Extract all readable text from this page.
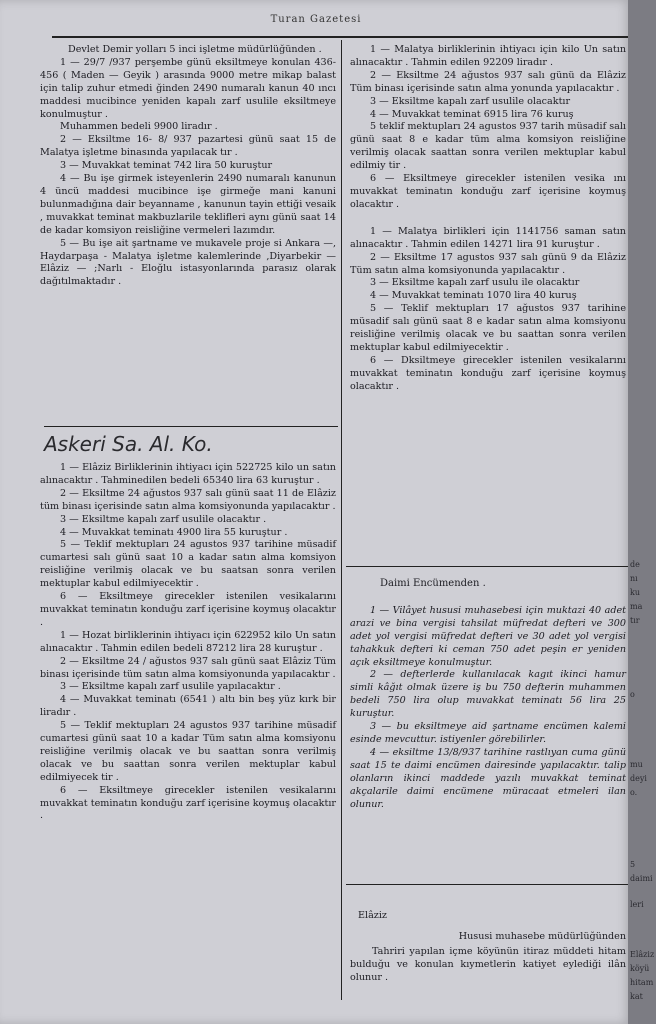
Turan Gazetesi

Devlet Demir yolları 5 inci işletme müdürlüğünden .

1 — 29/7 /937 perşembe günü eksiltmeye konulan 436- 456 ( Maden — Geyik ) arasında 9000 metre mikap balast için talip zuhur etmedi ğinden 2490 numaralı kanun 40 ıncı maddesi mucibince yeniden kapalı zarf usulile eksiltmeye konulmuştur .

Muhammen bedeli 9900 liradır .

2 — Eksiltme 16- 8/ 937 pazartesi günü saat 15 de Malatya işletme binasında yapılacak tır .

3 — Muvakkat teminat 742 lira 50 kuruştur

4 — Bu işe girmek isteyenlerin 2490 numaralı kanunun 4 üncü maddesi mucibince işe girmeğe mani kanuni bulunmadığına dair beyanname , kanunun tayin ettiği vesaik , muvakkat teminat makbuzlarile teklifleri aynı günü saat 14 de kadar komsiyon reisliğine vermeleri lazımdır.

5 — Bu işe ait şartname ve mukavele proje si Ankara —, Haydarpaşa - Malatya işletme kalemlerinde ,Diyarbekir —Elâziz — ;Narlı - Eloğlu istasyonlarında parasız olarak dağıtılmaktadır .

Askeri Sa. Al. Ko.

1 — Elâziz Birliklerinin ihtiyacı için 522725 kilo un satın alınacaktır . Tahminedilen bedeli 65340 lira 63 kuruştur .

2 — Eksiltme 24 ağustos 937 salı günü saat 11 de Elâziz tüm binası içerisinde satın alma komsiyonunda yapılacaktır .

3 — Eksiltme kapalı zarf usulile olacaktır .

4 — Muvakkat teminatı 4900 lira 55 kuruştur .

5 — Teklif mektupları 24 agustos 937 tarihine müsadif cumartesi salı günü saat 10 a kadar satın alma komsiyon reisliğine verilmiş olacak ve bu saatsan sonra verilen mektuplar kabul edilmiyecektir .

6 — Eksiltmeye girecekler istenilen vesikalarını muvakkat teminatın konduğu zarf içerisine koymuş olacaktır .

1 — Hozat birliklerinin ihtiyacı için 622952 kilo Un satın alınacaktır . Tahmin edilen bedeli 87212 lira 28 kuruştur .

2 — Eksiltme 24 / ağustos 937 salı günü saat Elâziz Tüm binası içerisinde tüm satın alma komsiyonunda yapılacaktır .

3 — Eksiltme kapalı zarf usulile yapılacaktır .

4 — Muvakkat teminatı (6541 ) altı bin beş yüz kırk bir liradır .

5 — Teklif mektupları 24 agustos 937 tarihine müsadif cumartesi günü saat 10 a kadar Tüm satın alma komsiyonu reisliğine verilmiş olacak ve bu saattan sonra verilmiş olacak ve bu saattan sonra verilen mektuplar kabul edilmiyecek tir .

6 — Eksiltmeye girecekler istenilen vesikalarını muvakkat teminatın konduğu zarf içerisine koymuş olacaktır .

1 — Malatya birliklerinin ihtiyacı için kilo Un satın alınacaktır . Tahmin edilen 92209 liradır .

2 — Eksiltme 24 ağustos 937 salı günü da Elâziz Tüm binası içerisinde satın alma yonunda yapılacaktır .

3 — Eksiltme kapalı zarf usulile olacaktır

4 — Muvakkat teminat 6915 lira 76 kuruş

5 teklif mektupları 24 agustos 937 tarih müsadif salı günü saat 8 e kadar tüm alma komsiyon reisliğine verilmiş olacak saattan sonra verilen mektuplar kabul edilmiy tir .

6 — Eksiltmeye girecekler istenilen vesika ını muvakkat teminatın konduğu zarf içerisine koymuş olacaktır .

1 — Malatya birlikleri için 1141756 saman satın alınacaktır . Tahmin edilen 14271 lira 91 kuruştur .

2 — Eksiltme 17 agustos 937 salı günü 9 da Elâziz Tüm satın alma komsiyonunda yapılacaktır .

3 — Eksiltme kapalı zarf usulu ile olacaktır

4 — Muvakkat teminatı 1070 lira 40 kuruş

5 — Teklif mektupları 17 ağustos 937 tarihine müsadif salı günü saat 8 e kadar satın alma komsiyonu reisliğine verilmiş olacak ve bu saattan sonra verilen mektuplar kabul edilmiyecektir .

6 — Dksiltmeye girecekler istenilen vesikalarını muvakkat teminatın konduğu zarf içerisine koymuş olacaktır .

Daimi Encümenden .

1 — Vilâyet hususi muhasebesi için muktazi 40 adet arazi ve bina vergisi tahsilat müfredat defteri ve 300 adet yol vergisi müfredat defteri ve 30 adet yol vergisi tahakkuk defteri ki ceman 750 adet peşin er yeniden açık eksiltmeye konulmuştur.

2 — defterlerde kullanılacak kagıt ikinci hamur simli kâğıt olmak üzere iş bu 750 defterin muhammen bedeli 750 lira olup muvakkat teminatı 56 lira 25 kuruştur.

3 — bu eksiltmeye aid şartname encümen kalemi esinde mevcuttur. istiyenler görebilirler.

4 — eksiltme 13/8/937 tarihine rastlıyan cuma günü saat 15 te daimi encümen dairesinde yapılacaktır. talip olanların ikinci maddede yazılı muvakkat teminat akçalarile daimi encümene müracaat etmeleri ilan olunur.

Elâziz
Hususi muhasebe müdürlüğünden

Tahriri yapılan içme köyünün itiraz müddeti hitam bulduğu ve konulan kıymetlerin katiyet eylediği ilân olunur .

de
nı
ku
ma
tır
o
mu
deyi
o.
5
daimi
leri
Elâziz
köyü
hitam
kat
